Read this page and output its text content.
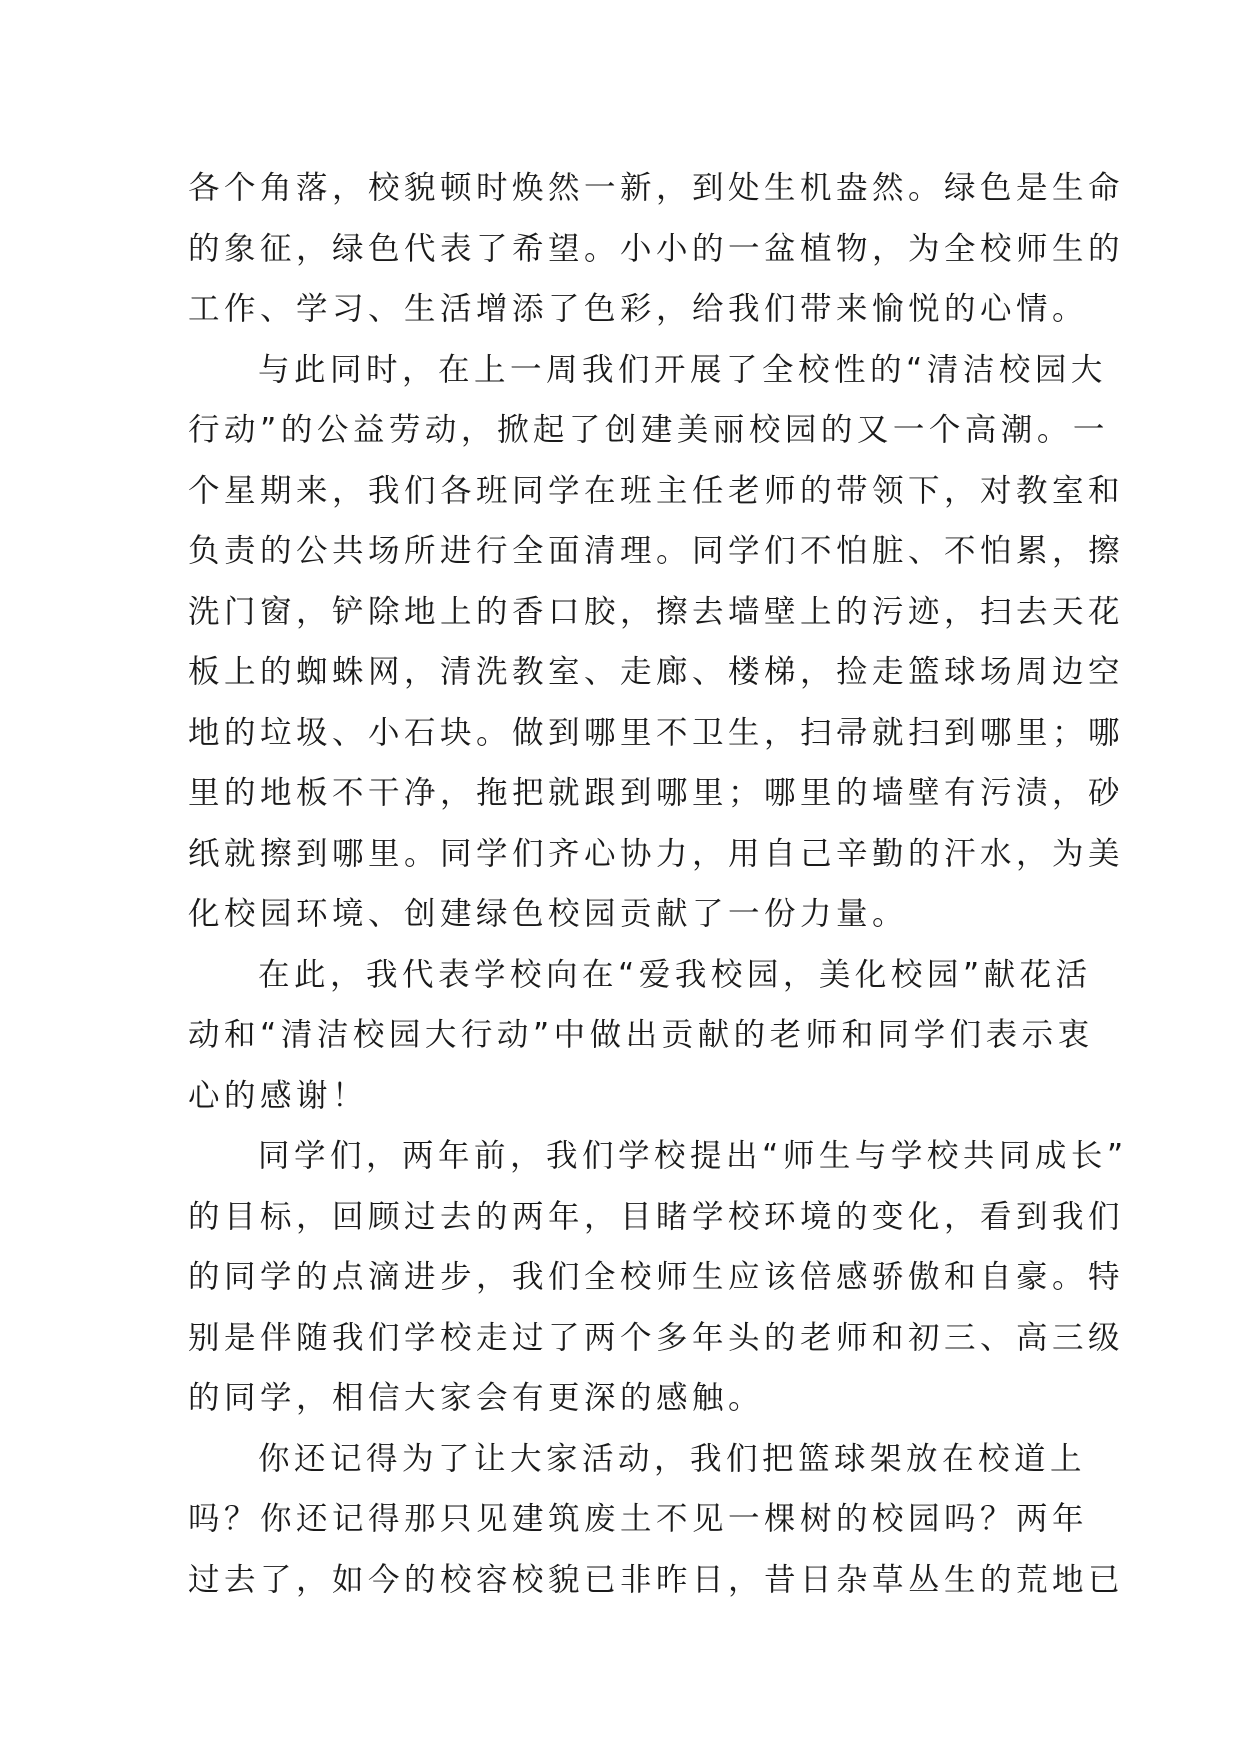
各个角落，校貌顿时焕然一新，到处生机盎然。绿色是生命
的象征，绿色代表了希望。小小的一盆植物，为全校师生的
工作、学习、生活增添了色彩，给我们带来愉悦的心情。
与此同时，在上一周我们开展了全校性的“清洁校园大
行动”的公益劳动，掀起了创建美丽校园的又一个高潮。一
个星期来，我们各班同学在班主任老师的带领下，对教室和
负责的公共场所进行全面清理。同学们不怕脏、不怕累，擦
洗门窗，铲除地上的香口胶，擦去墙壁上的污迹，扫去天花
板上的蜘蛛网，清洗教室、走廊、楼梯，捡走篮球场周边空
地的垃圾、小石块。做到哪里不卫生，扫帚就扫到哪里；哪
里的地板不干净，拖把就跟到哪里；哪里的墙壁有污渍，砂
纸就擦到哪里。同学们齐心协力，用自己辛勤的汗水，为美
化校园环境、创建绿色校园贡献了一份力量。
在此，我代表学校向在“爱我校园，美化校园”献花活
动和“清洁校园大行动”中做出贡献的老师和同学们表示衷
心的感谢！
同学们，两年前，我们学校提出“师生与学校共同成长”
的目标，回顾过去的两年，目睹学校环境的变化，看到我们
的同学的点滴进步，我们全校师生应该倍感骄傲和自豪。特
别是伴随我们学校走过了两个多年头的老师和初三、高三级
的同学，相信大家会有更深的感触。
你还记得为了让大家活动，我们把篮球架放在校道上
吗？你还记得那只见建筑废土不见一棵树的校园吗？两年
过去了，如今的校容校貌已非昨日，昔日杂草丛生的荒地已
